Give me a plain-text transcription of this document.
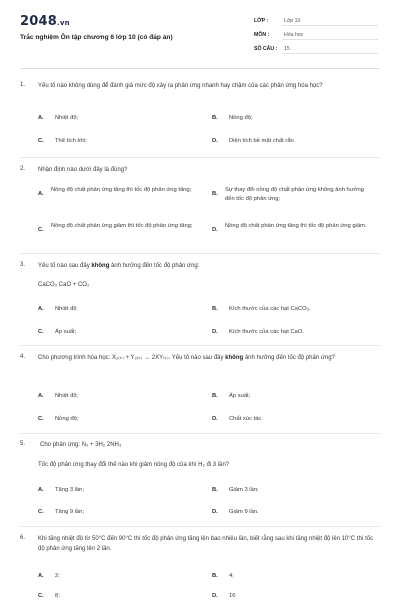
2048.vn
Trắc nghiệm Ôn tập chương 6 lớp 10 (có đáp án)
LỚP :	Lớp 10
MÔN :	Hóa học
SỐ CÂU : 15
1. Yếu tố nào không dùng để đánh giá mức độ xảy ra phản ứng nhanh hay chậm của các phản ứng hóa học?
A. Nhiệt độ;	B. Nồng độ;
C. Thể tích khí;	D. Diện tích bề mặt chất rắn
2. Nhận định nào dưới đây là đúng?
A.
Nồng độ chất phản ứng tăng thì tốc độ phản ứng tăng;
B.
Sự thay đổi nồng độ chất phản ứng không ảnh hưởng đến tốc độ phản ứng;
C.
Nồng độ chất phản ứng giảm thì tốc độ phản ứng tăng;
D.
Nồng độ chất phản ứng tăng thì tốc độ phản ứng giảm.
3. Yếu tố nào sau đây không ảnh hưởng đến tốc độ phản ứng:
CaCO₃ CaO + CO₂
A. Nhiệt độ	B. Kích thước của các hạt CaCO₃.
C. Áp suất;	D. Kích thước của các hạt CaO.
4. Cho phương trình hóa học: X₂₍ₖ₎ + Y₂₍ₖ₎ → 2XY₍ₖ₎. Yếu tố nào sau đây không ảnh hưởng đến tốc độ phản ứng?
A. Nhiệt độ;	B. Áp suất;
C. Nồng độ;	D. Chất xúc tác.
5. Cho phản ứng: N₂ + 3H₂ 2NH₃
Tốc độ phản ứng thay đổi thế nào khi giảm nồng độ của khí H₂ đi 3 lần?
A. Tăng 3 lần;	B. Giảm 3 lần;
C. Tăng 9 lần;	D. Giảm 9 lần.
6. Khi tăng nhiệt độ từ 50°C đến 90°C thì tốc độ phản ứng tăng lên bao nhiêu lần, biết rằng sau khi tăng nhiệt độ lên 10°C thì tốc độ phản ứng tăng lên 2 lần.
A. 2;	B. 4;
C. 8;	D. 16
